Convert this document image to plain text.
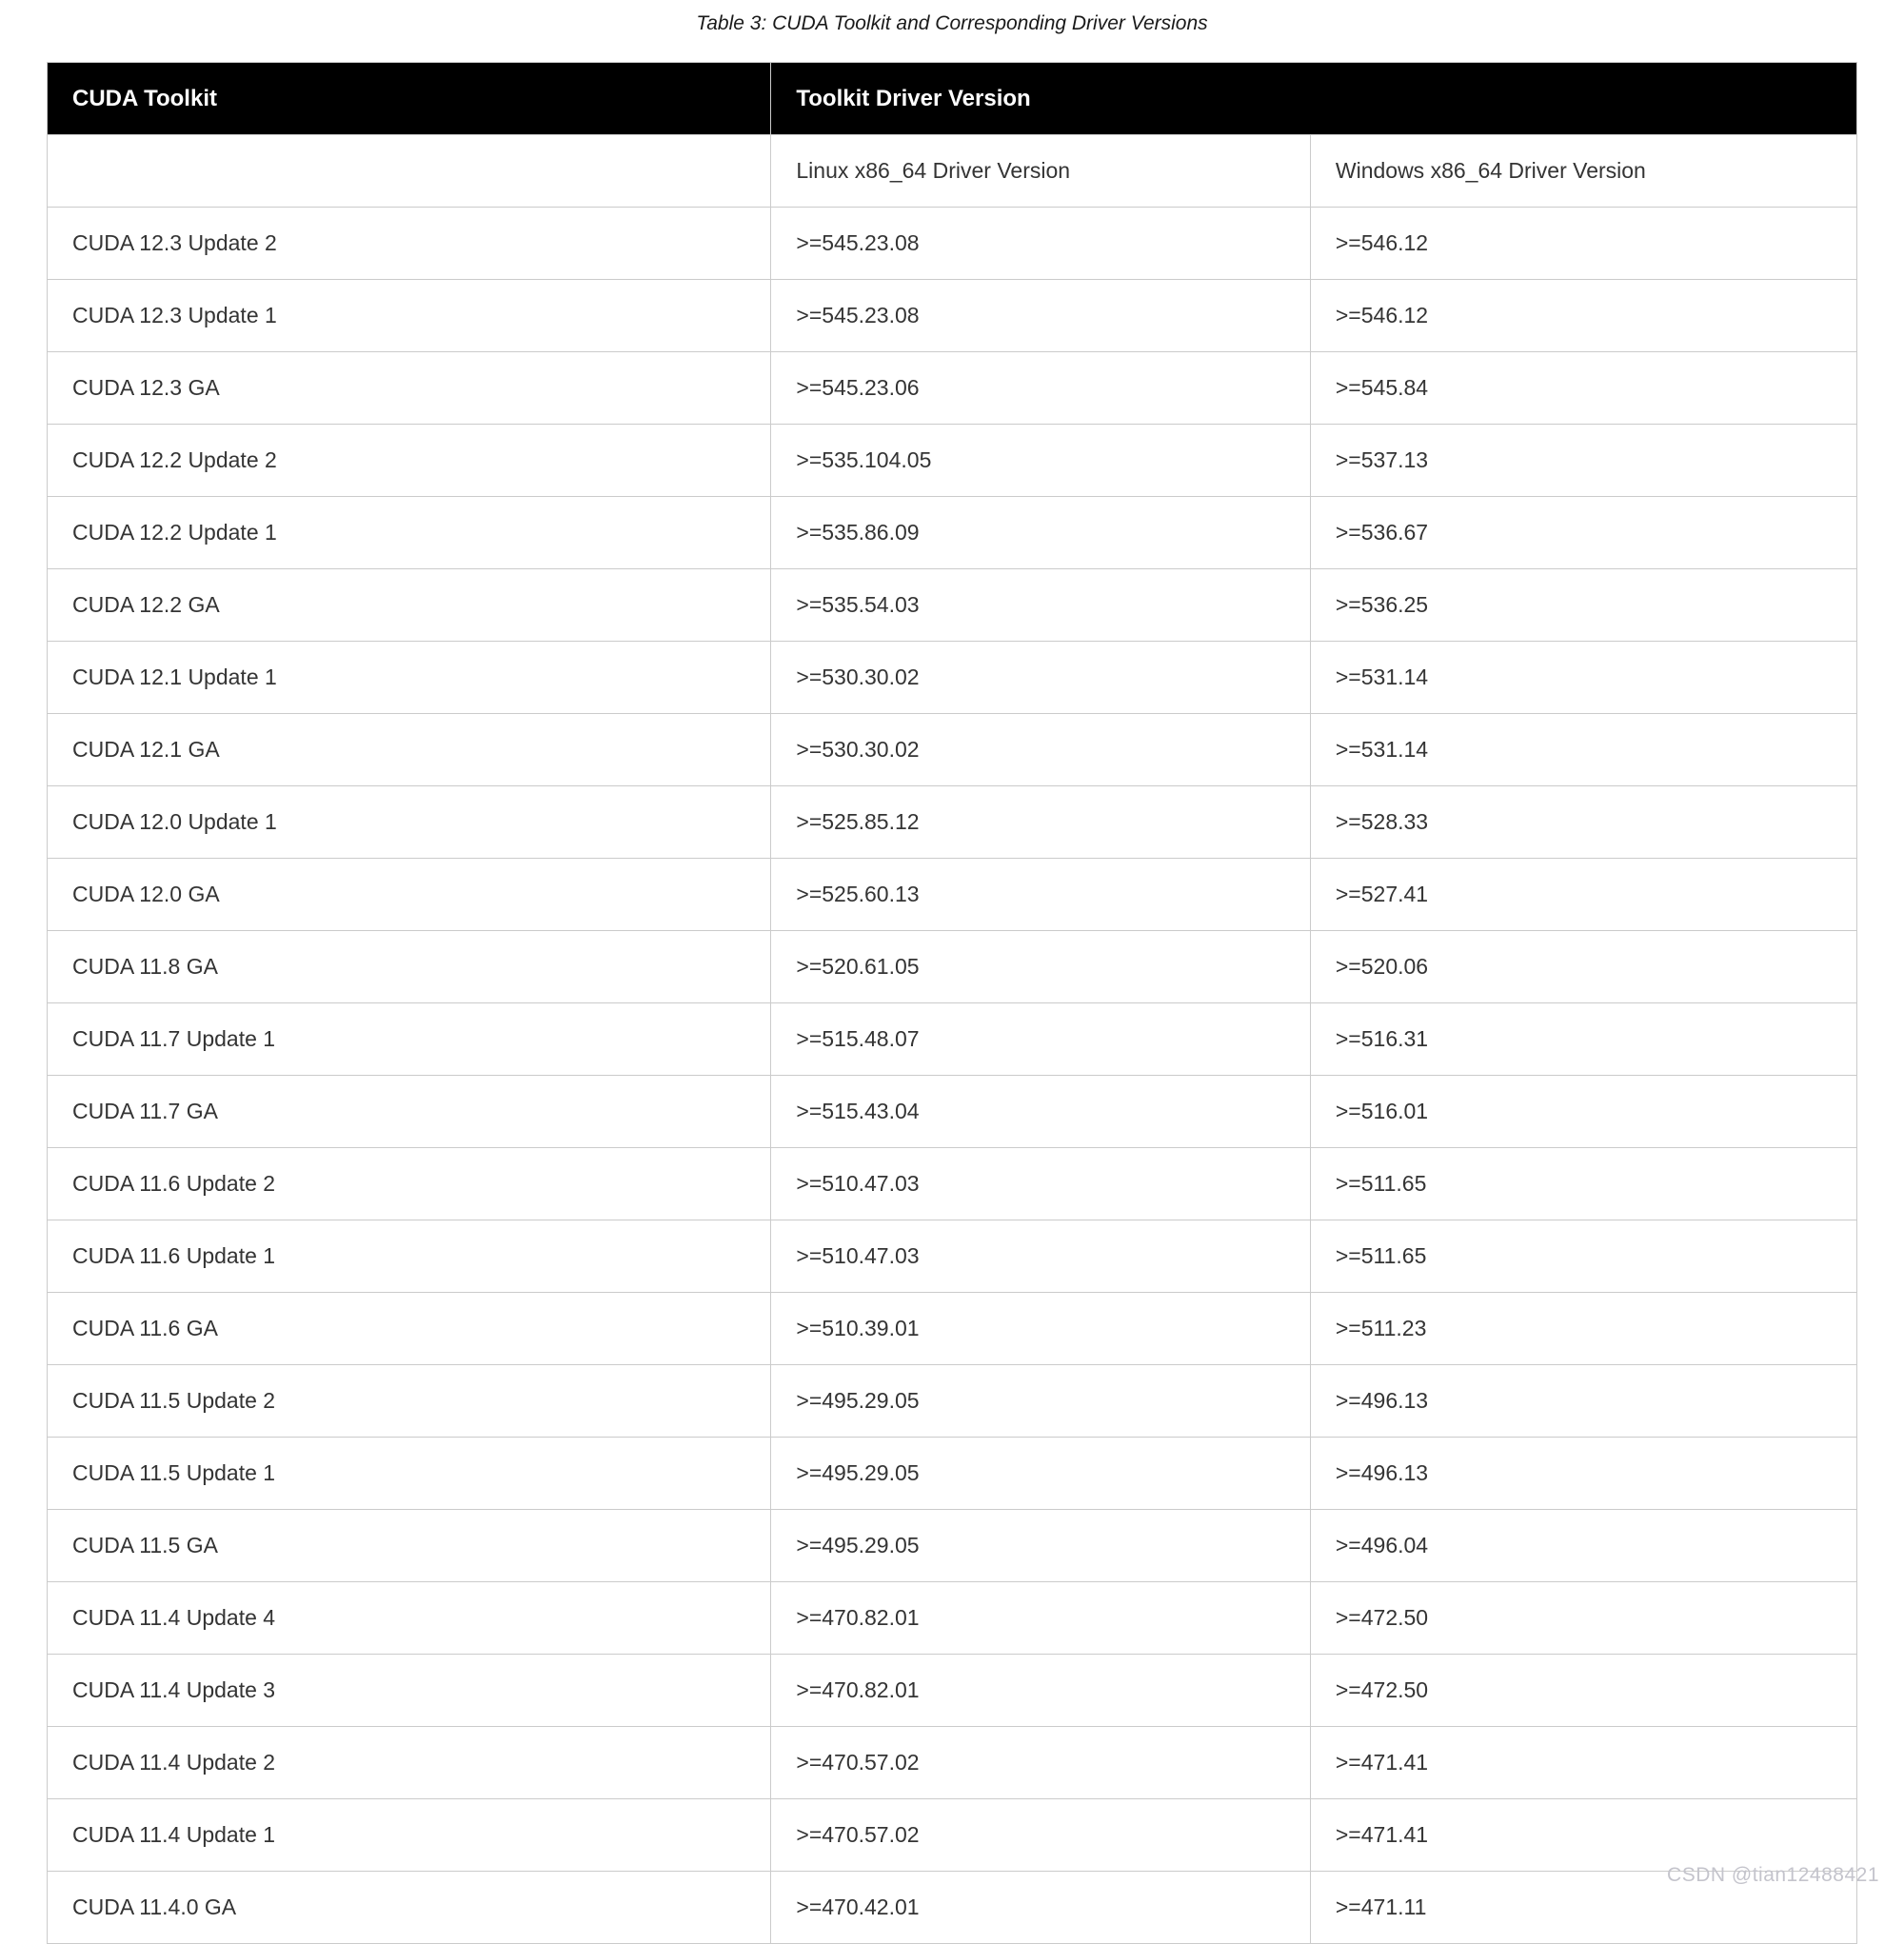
Table 3: CUDA Toolkit and Corresponding Driver Versions
CUDA Toolkit	Toolkit Driver Version	
	Linux x86_64 Driver Version	Windows x86_64 Driver Version
CUDA 12.3 Update 2	>=545.23.08	>=546.12
CUDA 12.3 Update 1	>=545.23.08	>=546.12
CUDA 12.3 GA	>=545.23.06	>=545.84
CUDA 12.2 Update 2	>=535.104.05	>=537.13
CUDA 12.2 Update 1	>=535.86.09	>=536.67
CUDA 12.2 GA	>=535.54.03	>=536.25
CUDA 12.1 Update 1	>=530.30.02	>=531.14
CUDA 12.1 GA	>=530.30.02	>=531.14
CUDA 12.0 Update 1	>=525.85.12	>=528.33
CUDA 12.0 GA	>=525.60.13	>=527.41
CUDA 11.8 GA	>=520.61.05	>=520.06
CUDA 11.7 Update 1	>=515.48.07	>=516.31
CUDA 11.7 GA	>=515.43.04	>=516.01
CUDA 11.6 Update 2	>=510.47.03	>=511.65
CUDA 11.6 Update 1	>=510.47.03	>=511.65
CUDA 11.6 GA	>=510.39.01	>=511.23
CUDA 11.5 Update 2	>=495.29.05	>=496.13
CUDA 11.5 Update 1	>=495.29.05	>=496.13
CUDA 11.5 GA	>=495.29.05	>=496.04
CUDA 11.4 Update 4	>=470.82.01	>=472.50
CUDA 11.4 Update 3	>=470.82.01	>=472.50
CUDA 11.4 Update 2	>=470.57.02	>=471.41
CUDA 11.4 Update 1	>=470.57.02	>=471.41
CUDA 11.4.0 GA	>=470.42.01	>=471.11
CSDN @tian12488421
